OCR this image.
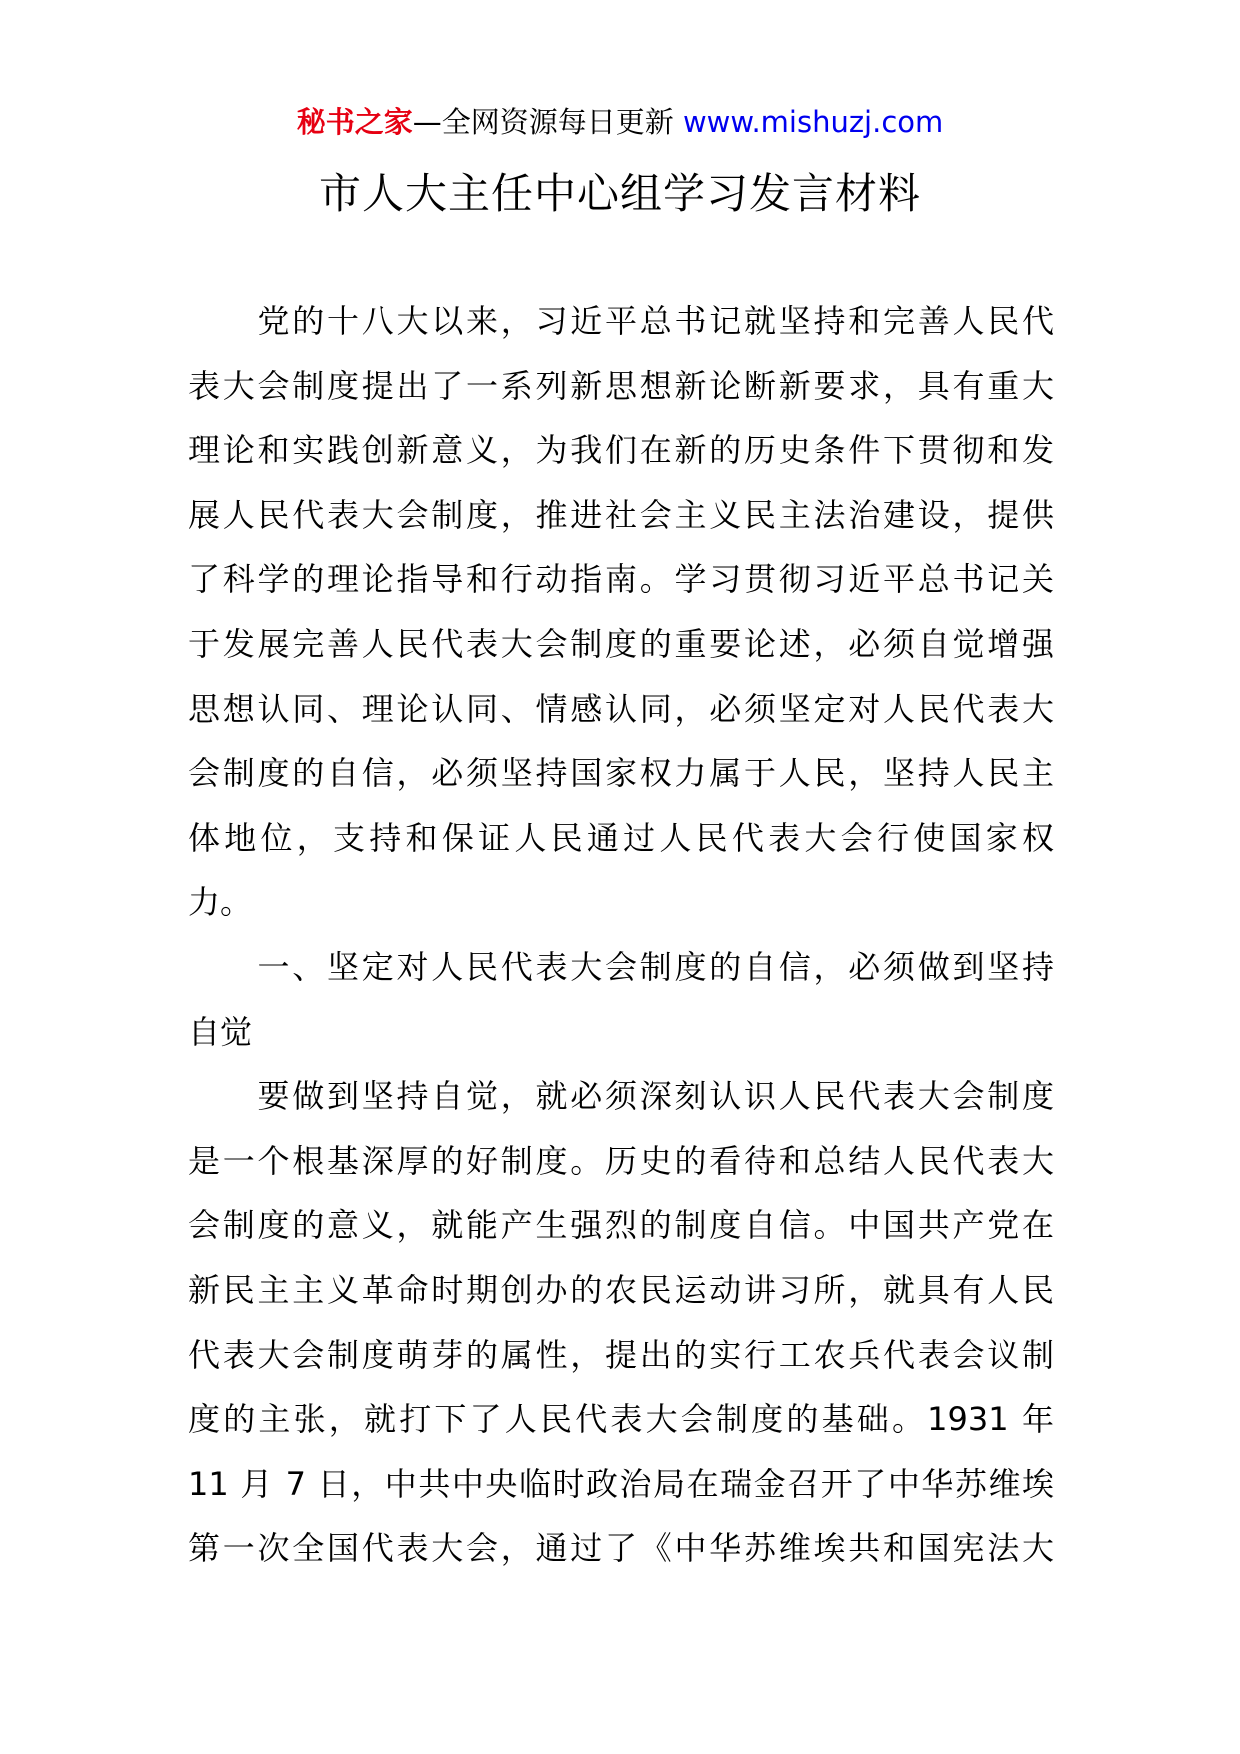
秘书之家—全网资源每日更新 www.mishuzj.com
市人大主任中心组学习发言材料
　　党的十八大以来，习近平总书记就坚持和完善人民代
表大会制度提出了一系列新思想新论断新要求，具有重大
理论和实践创新意义，为我们在新的历史条件下贯彻和发
展人民代表大会制度，推进社会主义民主法治建设，提供
了科学的理论指导和行动指南。学习贯彻习近平总书记关
于发展完善人民代表大会制度的重要论述，必须自觉增强
思想认同、理论认同、情感认同，必须坚定对人民代表大
会制度的自信，必须坚持国家权力属于人民，坚持人民主
体地位，支持和保证人民通过人民代表大会行使国家权
力。
　　一、坚定对人民代表大会制度的自信，必须做到坚持
自觉
　　要做到坚持自觉，就必须深刻认识人民代表大会制度
是一个根基深厚的好制度。历史的看待和总结人民代表大
会制度的意义，就能产生强烈的制度自信。中国共产党在
新民主主义革命时期创办的农民运动讲习所，就具有人民
代表大会制度萌芽的属性，提出的实行工农兵代表会议制
度的主张，就打下了人民代表大会制度的基础。1931 年
11 月 7 日，中共中央临时政治局在瑞金召开了中华苏维埃
第一次全国代表大会，通过了《中华苏维埃共和国宪法大
